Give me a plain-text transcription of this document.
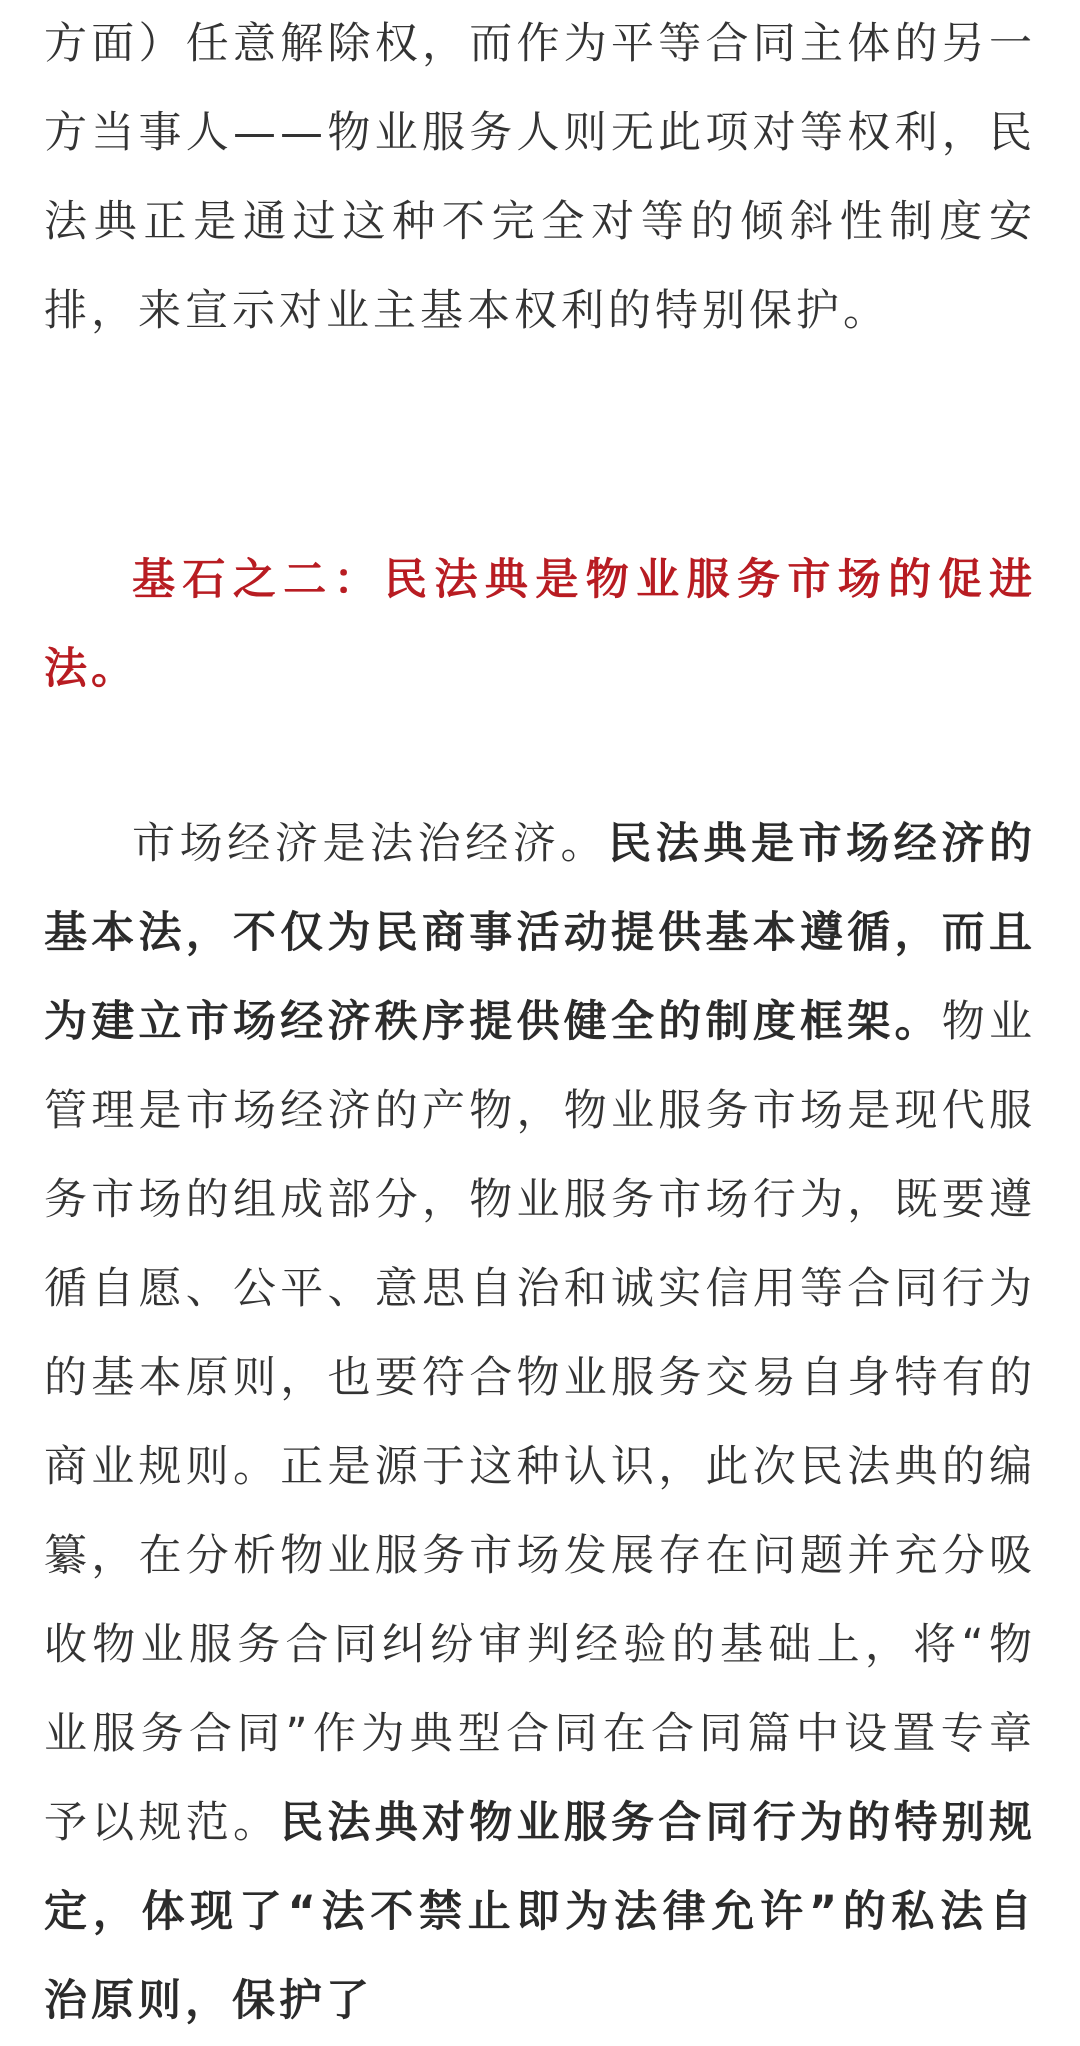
方面）任意解除权，而作为平等合同主体的另一方当事人——物业服务人则无此项对等权利，民法典正是通过这种不完全对等的倾斜性制度安排，来宣示对业主基本权利的特别保护。

基石之二：民法典是物业服务市场的促进法。

市场经济是法治经济。民法典是市场经济的基本法，不仅为民商事活动提供基本遵循，而且为建立市场经济秩序提供健全的制度框架。物业管理是市场经济的产物，物业服务市场是现代服务市场的组成部分，物业服务市场行为，既要遵循自愿、公平、意思自治和诚实信用等合同行为的基本原则，也要符合物业服务交易自身特有的商业规则。正是源于这种认识，此次民法典的编纂，在分析物业服务市场发展存在问题并充分吸收物业服务合同纠纷审判经验的基础上，将“物业服务合同”作为典型合同在合同篇中设置专章予以规范。民法典对物业服务合同行为的特别规定，体现了“法不禁止即为法律允许”的私法自治原则，保护了
